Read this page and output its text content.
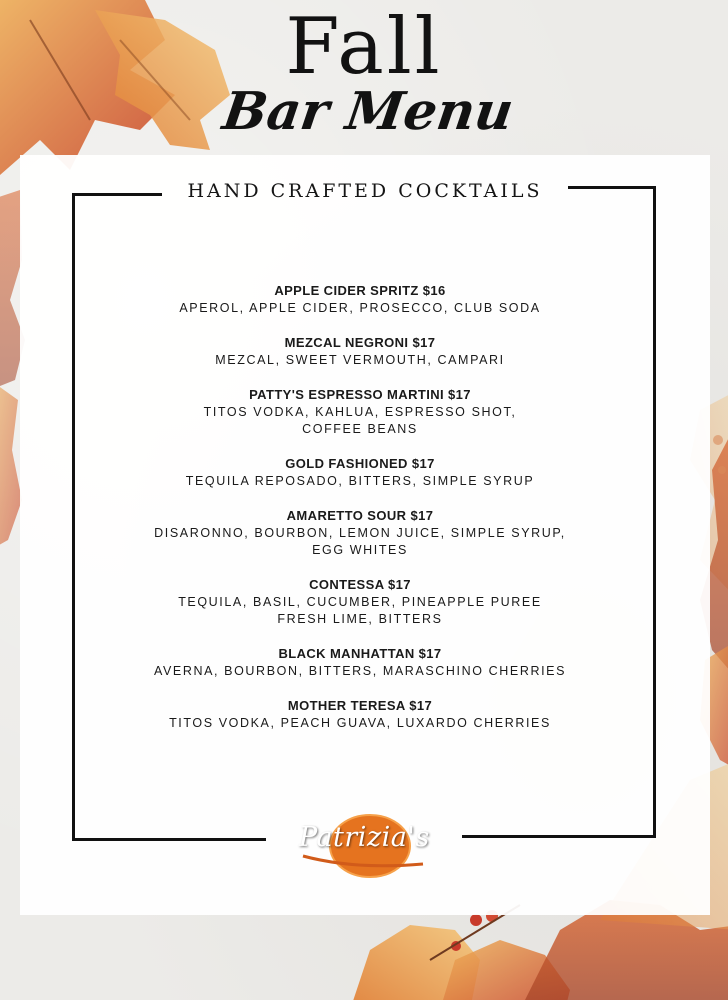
Fall
Bar Menu
HAND CRAFTED COCKTAILS
APPLE CIDER SPRITZ $16
APEROL, APPLE CIDER, PROSECCO, CLUB SODA
MEZCAL NEGRONI $17
MEZCAL, SWEET VERMOUTH, CAMPARI
PATTY'S ESPRESSO MARTINI $17
TITOS VODKA, KAHLUA, ESPRESSO SHOT,
COFFEE BEANS
GOLD FASHIONED $17
TEQUILA REPOSADO, BITTERS, SIMPLE SYRUP
AMARETTO SOUR $17
DISARONNO, BOURBON, LEMON JUICE, SIMPLE SYRUP,
EGG WHITES
CONTESSA $17
TEQUILA, BASIL, CUCUMBER, PINEAPPLE PUREE
FRESH LIME, BITTERS
BLACK MANHATTAN $17
AVERNA, BOURBON, BITTERS, MARASCHINO CHERRIES
MOTHER TERESA $17
TITOS VODKA, PEACH GUAVA, LUXARDO CHERRIES
Patrizia's
